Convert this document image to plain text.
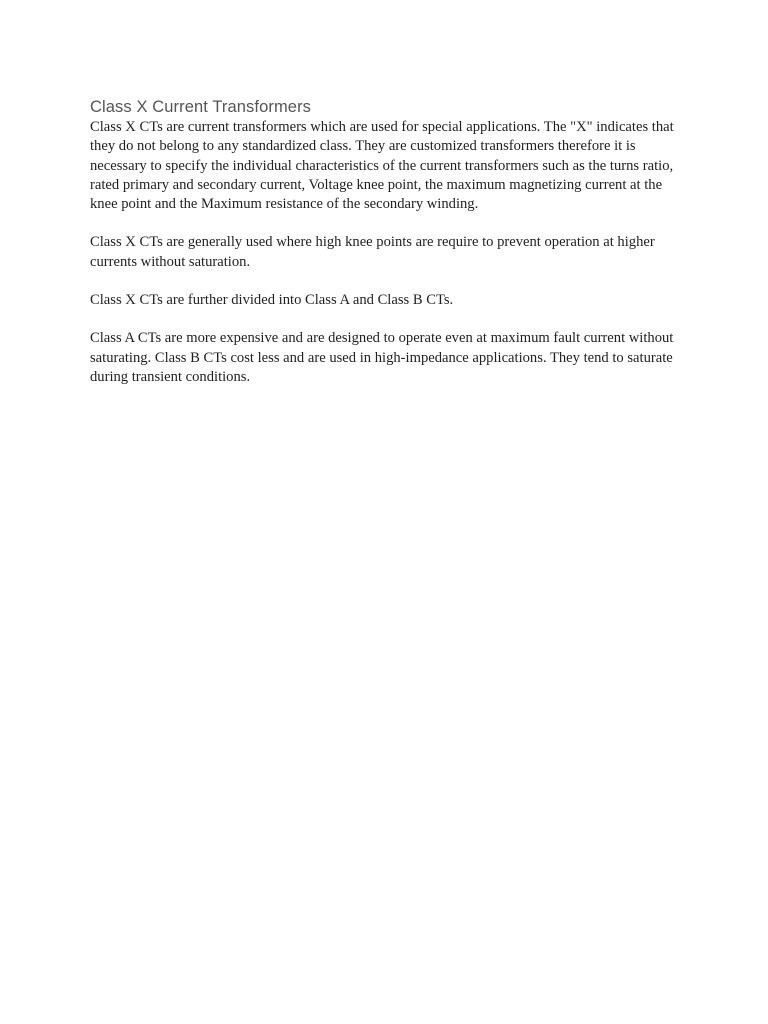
Class X Current Transformers

Class X CTs are current transformers which are used for special applications. The "X" indicates that they do not belong to any standardized class. They are customized transformers therefore it is necessary to specify the individual characteristics of the current transformers such as the turns ratio, rated primary and secondary current, Voltage knee point, the maximum magnetizing current at the knee point and the Maximum resistance of the secondary winding.

Class X CTs are generally used where high knee points are require to prevent operation at higher currents without saturation.

Class X CTs are further divided into Class A and Class B CTs.

Class A CTs are more expensive and are designed to operate even at maximum fault current without saturating. Class B CTs cost less and are used in high-impedance applications. They tend to saturate during transient conditions.
